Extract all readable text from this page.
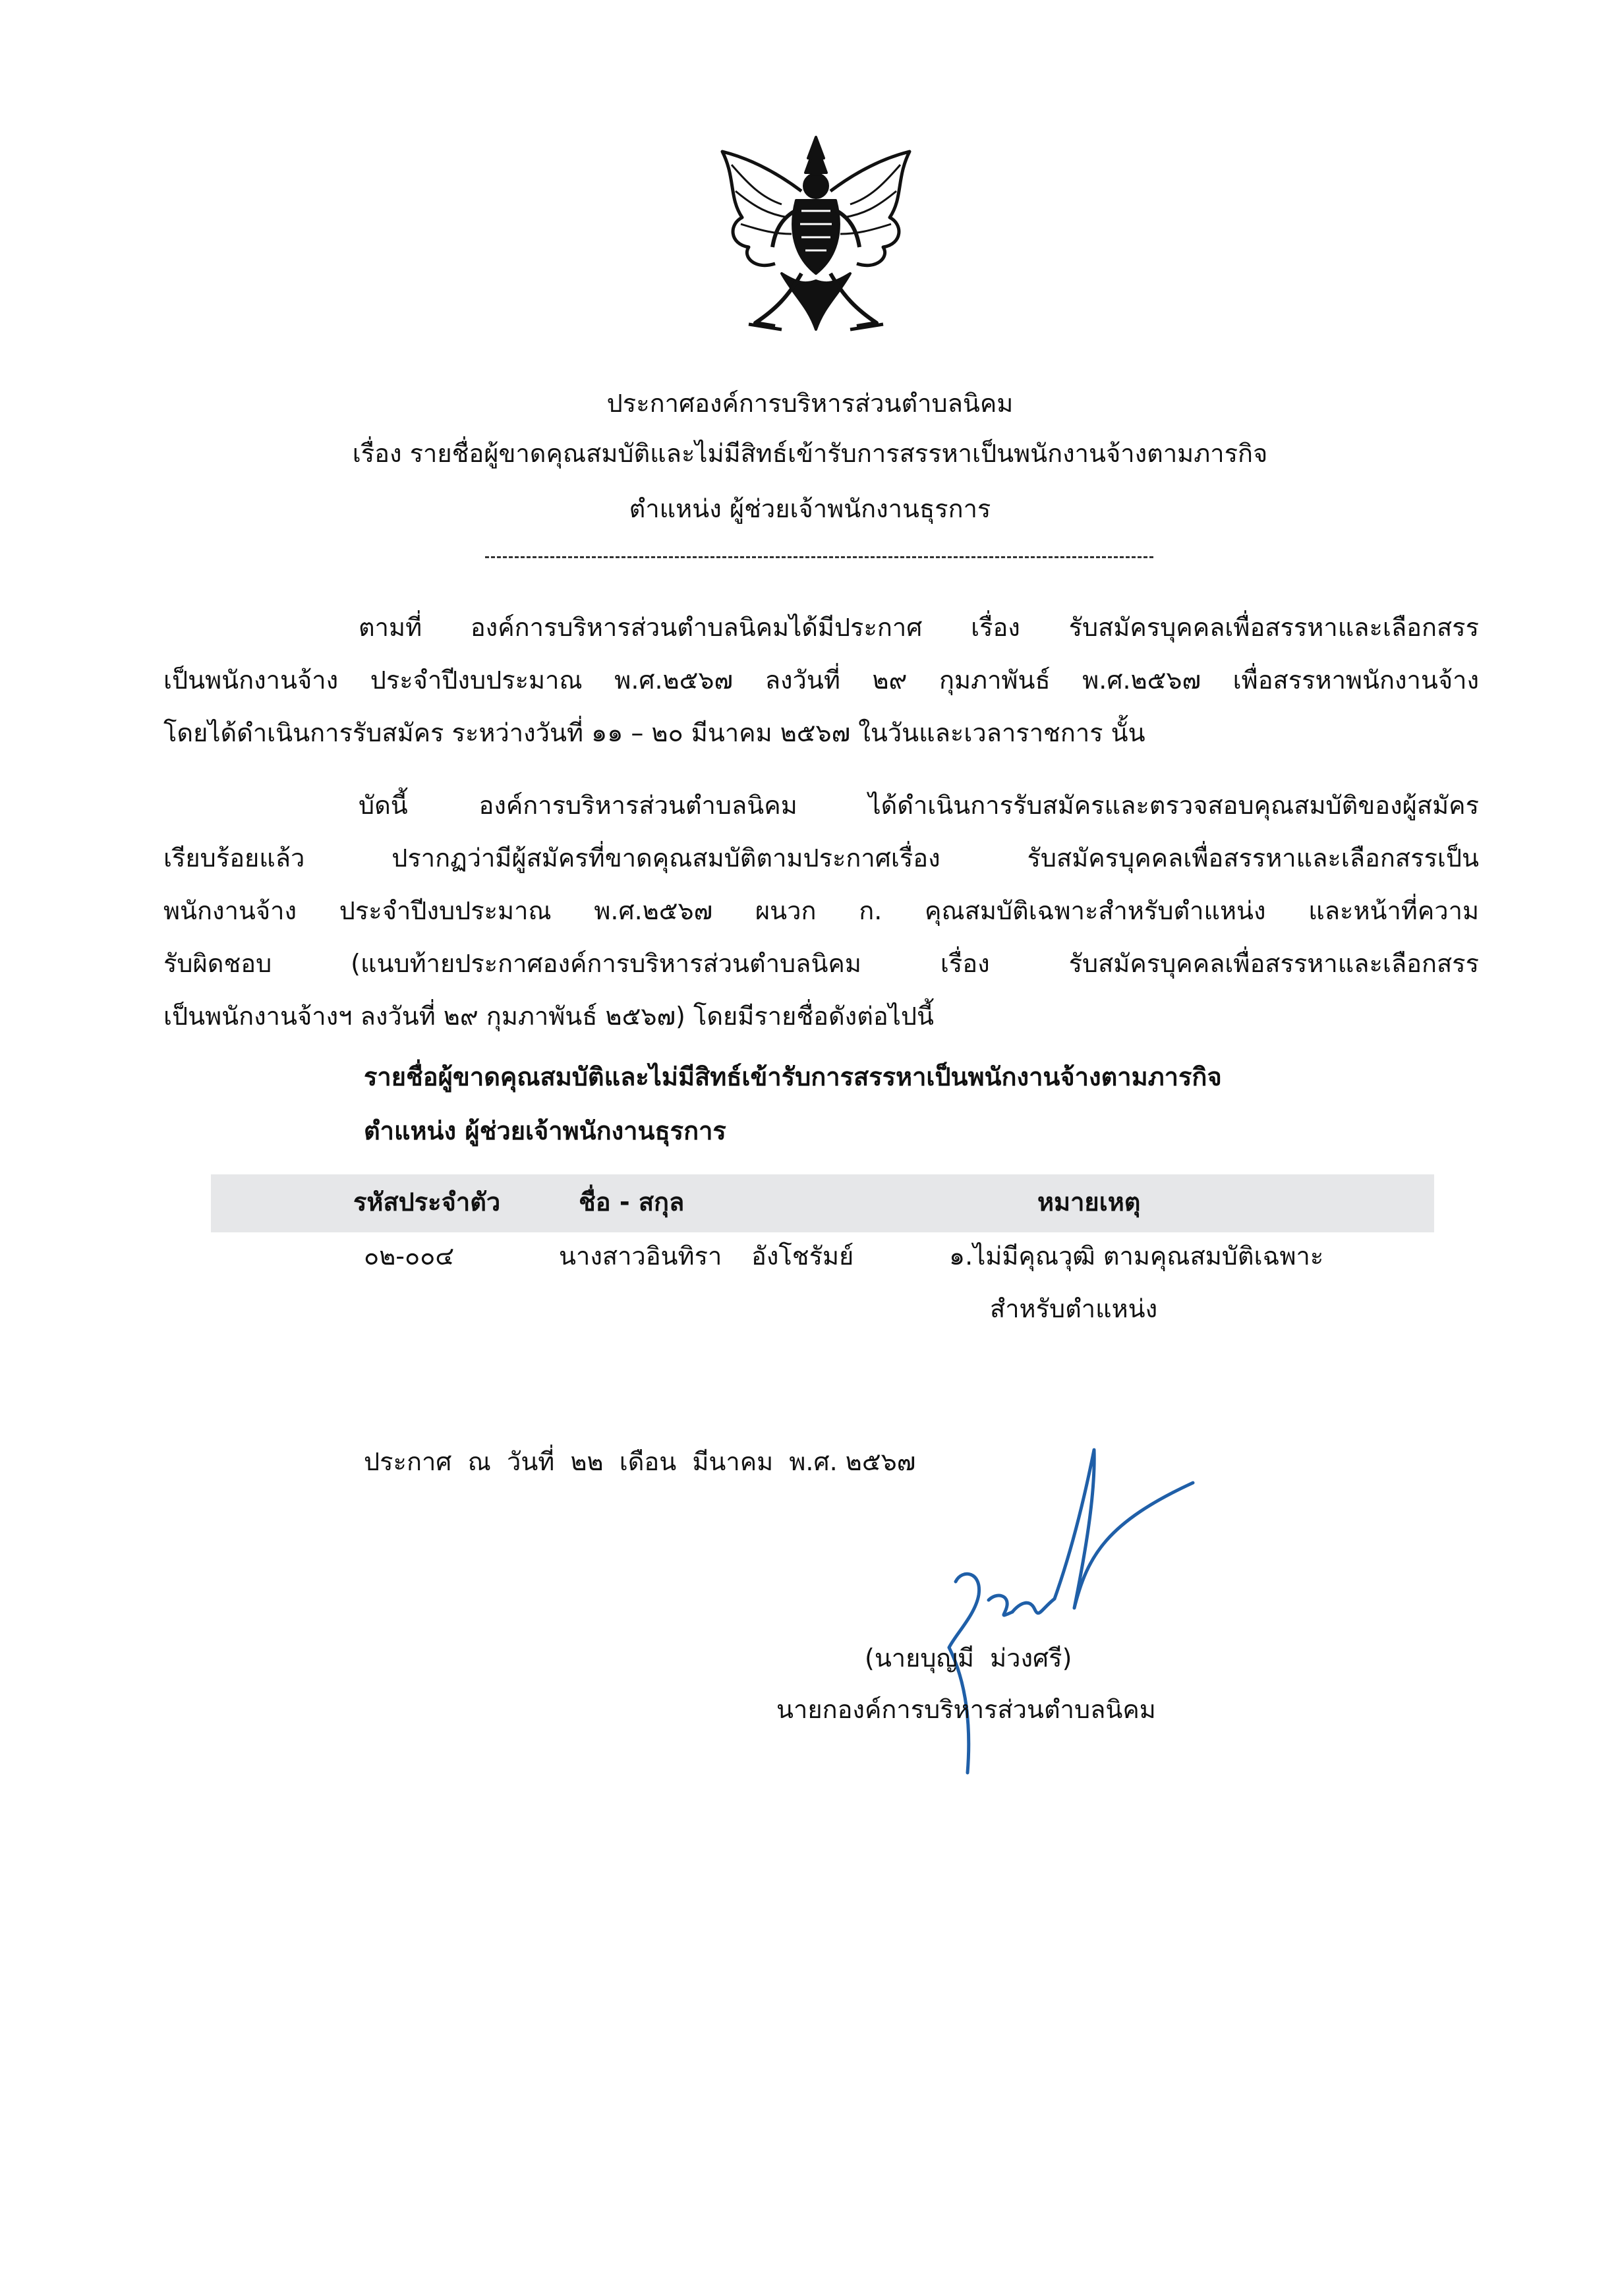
ประกาศองค์การบริหารส่วนตำบลนิคม
เรื่อง รายชื่อผู้ขาดคุณสมบัติและไม่มีสิทธ์เข้ารับการสรรหาเป็นพนักงานจ้างตามภารกิจ
ตำแหน่ง ผู้ช่วยเจ้าพนักงานธุรการ
ตามที่ องค์การบริหารส่วนตำบลนิคมได้มีประกาศ เรื่อง รับสมัครบุคคลเพื่อสรรหาและเลือกสรร
เป็นพนักงานจ้าง ประจำปีงบประมาณ พ.ศ.๒๕๖๗ ลงวันที่ ๒๙ กุมภาพันธ์ พ.ศ.๒๕๖๗ เพื่อสรรหาพนักงานจ้าง
โดยได้ดำเนินการรับสมัคร ระหว่างวันที่ ๑๑ – ๒๐ มีนาคม ๒๕๖๗ ในวันและเวลาราชการ นั้น
บัดนี้ องค์การบริหารส่วนตำบลนิคม ได้ดำเนินการรับสมัครและตรวจสอบคุณสมบัติของผู้สมัคร
เรียบร้อยแล้ว ปรากฏว่ามีผู้สมัครที่ขาดคุณสมบัติตามประกาศเรื่อง รับสมัครบุคคลเพื่อสรรหาและเลือกสรรเป็น
พนักงานจ้าง ประจำปีงบประมาณ พ.ศ.๒๕๖๗ ผนวก ก. คุณสมบัติเฉพาะสำหรับตำแหน่ง และหน้าที่ความ
รับผิดชอบ (แนบท้ายประกาศองค์การบริหารส่วนตำบลนิคม เรื่อง รับสมัครบุคคลเพื่อสรรหาและเลือกสรร
เป็นพนักงานจ้างฯ ลงวันที่ ๒๙ กุมภาพันธ์ ๒๕๖๗) โดยมีรายชื่อดังต่อไปนี้
รายชื่อผู้ขาดคุณสมบัติและไม่มีสิทธ์เข้ารับการสรรหาเป็นพนักงานจ้างตามภารกิจ
ตำแหน่ง ผู้ช่วยเจ้าพนักงานธุรการ
รหัสประจำตัว	ชื่อ - สกุล	หมายเหตุ
๐๒-๐๐๔	นางสาวอินทิรา อังโชรัมย์	๑.ไม่มีคุณวุฒิ ตามคุณสมบัติเฉพาะ
สำหรับตำแหน่ง
ประกาศ  ณ  วันที่  ๒๒  เดือน  มีนาคม  พ.ศ. ๒๕๖๗
(นายบุญมี  ม่วงศรี)
นายกองค์การบริหารส่วนตำบลนิคม
